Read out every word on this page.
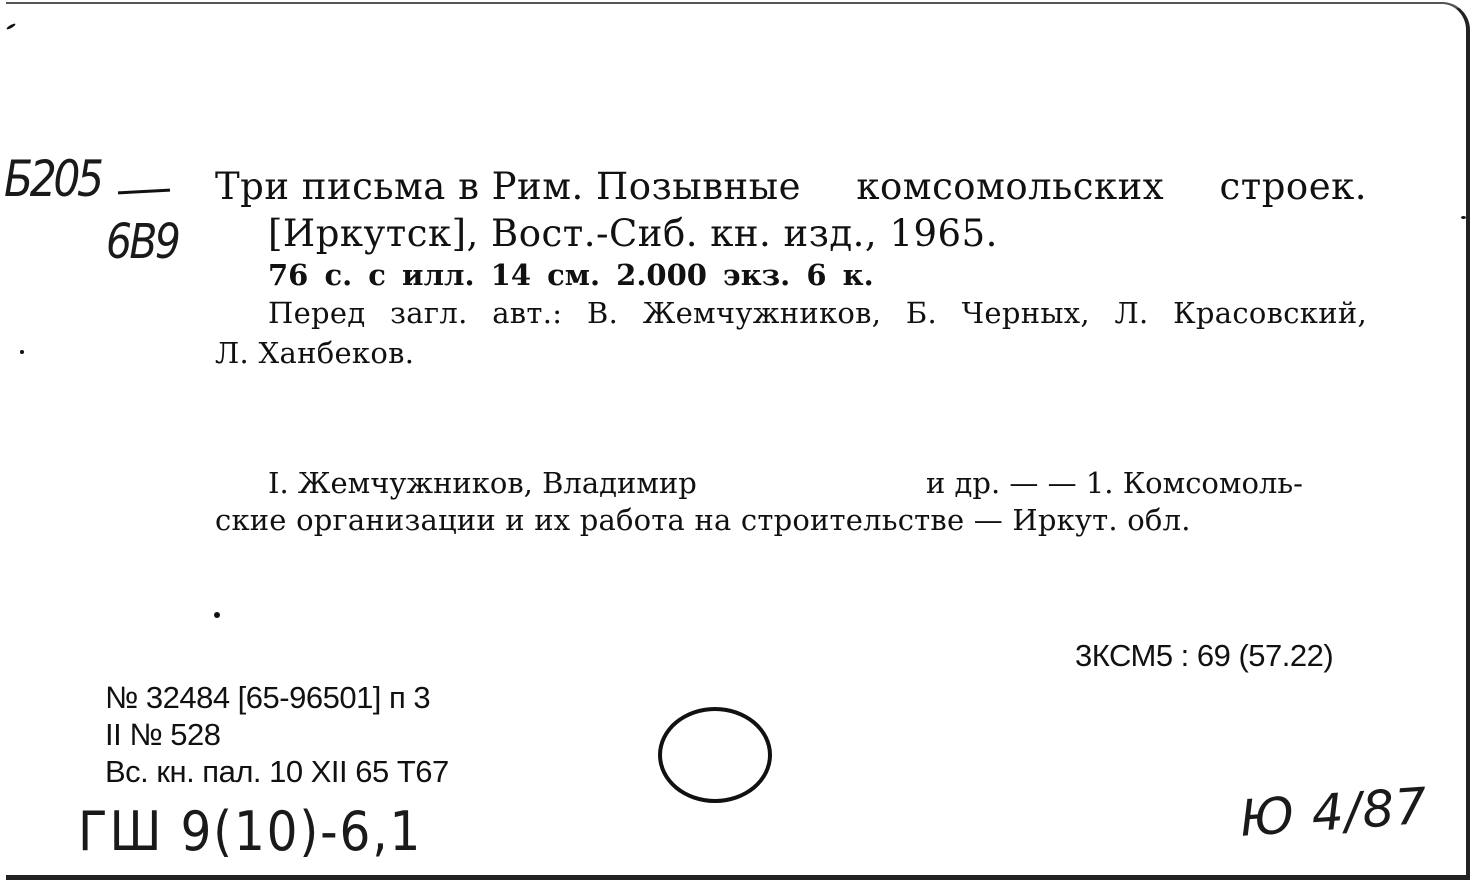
Б205
6В9
Три письма в Рим. Позывные комсомольских строек.
[Иркутск], Вост.-Сиб. кн. изд., 1965.
76 с. с илл. 14 см. 2.000 экз. 6 к.
Перед загл. авт.: В. Жемчужников, Б. Черных, Л. Красовский,
Л. Ханбеков.
I. Жемчужников, Владимир	и др. — — 1. Комсомоль-
ские организации и их работа на строительстве — Иркут. обл.
3КСМ5 : 69 (57.22)
№ 32484 [65-96501] п 3
II № 528
Вс. кн. пал. 10 XII 65 Т67
ГШ 9(10)-6,1	Ю 4/87
